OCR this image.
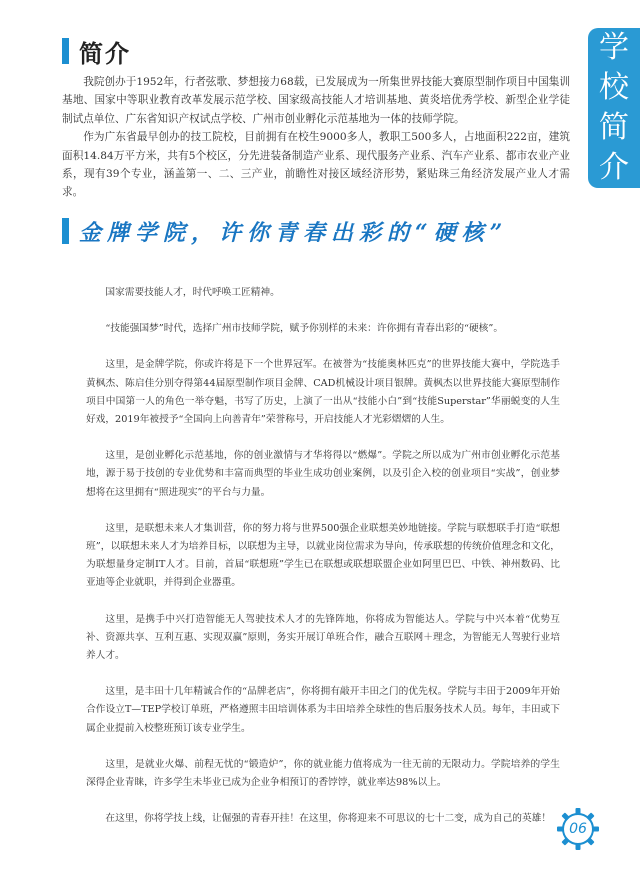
学
校
简
介
简介

我院创办于1952年，行者弦歌、梦想接力68载，已发展成为一所集世界技能大赛原型制作项目中国集训基地、国家中等职业教育改革发展示范学校、国家级高技能人才培训基地、黄炎培优秀学校、新型企业学徒制试点单位、广东省知识产权试点学校、广州市创业孵化示范基地为一体的技师学院。

作为广东省最早创办的技工院校，目前拥有在校生9000多人，教职工500多人，占地面积222亩，建筑面积14.84万平方米，共有5个校区，分先进装备制造产业系、现代服务产业系、汽车产业系、都市农业产业系，现有39个专业，涵盖第一、二、三产业，前瞻性对接区域经济形势，紧贴珠三角经济发展产业人才需求。

金牌学院，许你青春出彩的“硬核”

国家需要技能人才，时代呼唤工匠精神。

“技能强国梦”时代，选择广州市技师学院，赋予你别样的未来：许你拥有青春出彩的“硬核”。

这里，是金牌学院，你或许将是下一个世界冠军。在被誉为“技能奥林匹克”的世界技能大赛中，学院选手黄枫杰、陈启佳分别夺得第44届原型制作项目金牌、CAD机械设计项目银牌。黄枫杰以世界技能大赛原型制作项目中国第一人的角色一举夺魁，书写了历史，上演了一出从“技能小白”到“技能Superstar”华丽蜕变的人生好戏，2019年被授予“全国向上向善青年”荣誉称号，开启技能人才光彩熠熠的人生。

这里，是创业孵化示范基地，你的创业激情与才华将得以“燃爆”。学院之所以成为广州市创业孵化示范基地，源于易于技创的专业优势和丰富而典型的毕业生成功创业案例，以及引企入校的创业项目“实战”，创业梦想将在这里拥有“照进现实”的平台与力量。

这里，是联想未来人才集训营，你的努力将与世界500强企业联想美妙地链接。学院与联想联手打造“联想班”，以联想未来人才为培养目标，以联想为主导，以就业岗位需求为导向，传承联想的传统价值理念和文化，为联想量身定制IT人才。目前，首届“联想班”学生已在联想或联想联盟企业如阿里巴巴、中铁、神州数码、比亚迪等企业就职，并得到企业器重。

这里，是携手中兴打造智能无人驾驶技术人才的先锋阵地，你将成为智能达人。学院与中兴本着“优势互补、资源共享、互利互惠、实现双赢”原则，务实开展订单班合作，融合互联网＋理念，为智能无人驾驶行业培养人才。

这里，是丰田十几年精诚合作的“品牌老店”，你将拥有敲开丰田之门的优先权。学院与丰田于2009年开始合作设立T—TEP学校订单班，严格遵照丰田培训体系为丰田培养全球性的售后服务技术人员。每年，丰田或下属企业提前入校整班预订该专业学生。

这里，是就业火爆、前程无忧的“锻造炉”，你的就业能力值将成为一往无前的无限动力。学院培养的学生深得企业青睐，许多学生未毕业已成为企业争相预订的香饽饽，就业率达98%以上。

在这里，你将学技上线，让倔强的青春开挂！在这里，你将迎来不可思议的七十二变，成为自己的英雄！

06
